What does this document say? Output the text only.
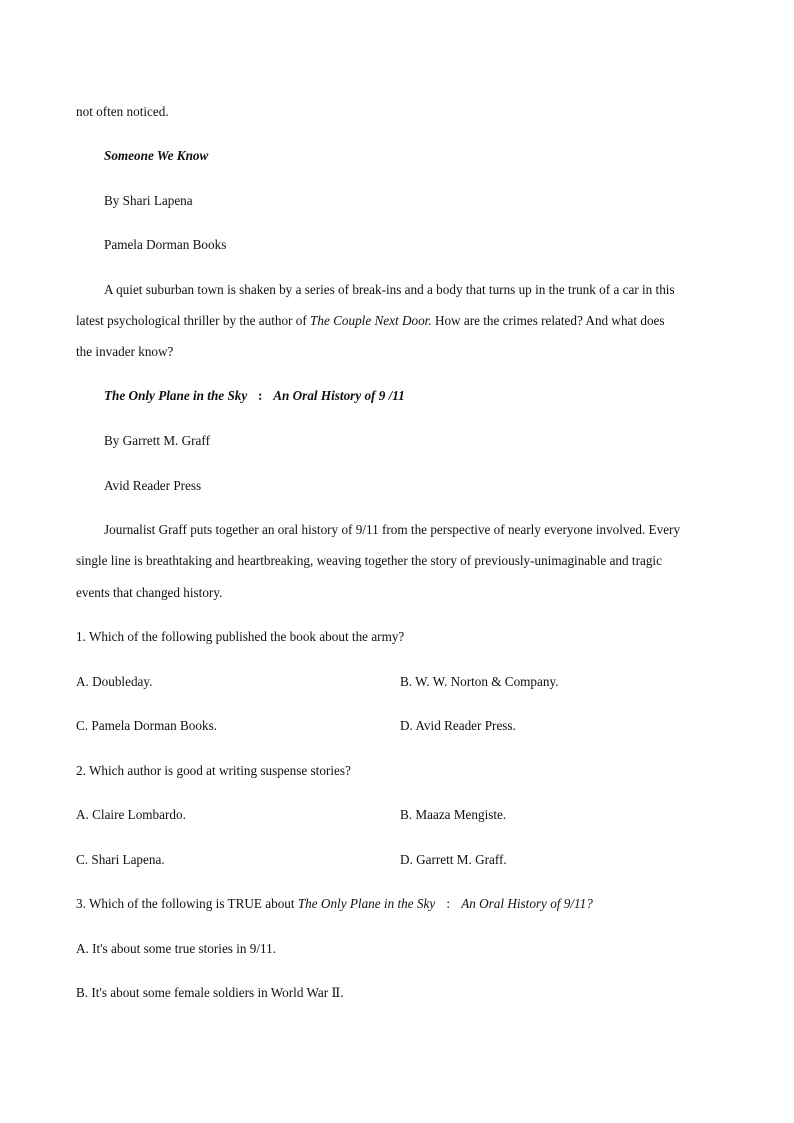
not often noticed.
Someone We Know
By Shari Lapena
Pamela Dorman Books
A quiet suburban town is shaken by a series of break-ins and a body that turns up in the trunk of a car in this
latest psychological thriller by the author of The Couple Next Door. How are the crimes related? And what does
the invader know?
The Only Plane in the Sky : An Oral History of 9 /11
By Garrett M. Graff
Avid Reader Press
Journalist Graff puts together an oral history of 9/11 from the perspective of nearly everyone involved. Every
single line is breathtaking and heartbreaking, weaving together the story of previously-unimaginable and tragic
events that changed history.
1. Which of the following published the book about the army?
A. Doubleday.	B. W. W. Norton & Company.
C. Pamela Dorman Books.	D. Avid Reader Press.
2. Which author is good at writing suspense stories?
A. Claire Lombardo.	B. Maaza Mengiste.
C. Shari Lapena.	D. Garrett M. Graff.
3. Which of the following is TRUE about The Only Plane in the Sky : An Oral History of 9/11?
A. It's about some true stories in 9/11.
B. It's about some female soldiers in World War Ⅱ.
